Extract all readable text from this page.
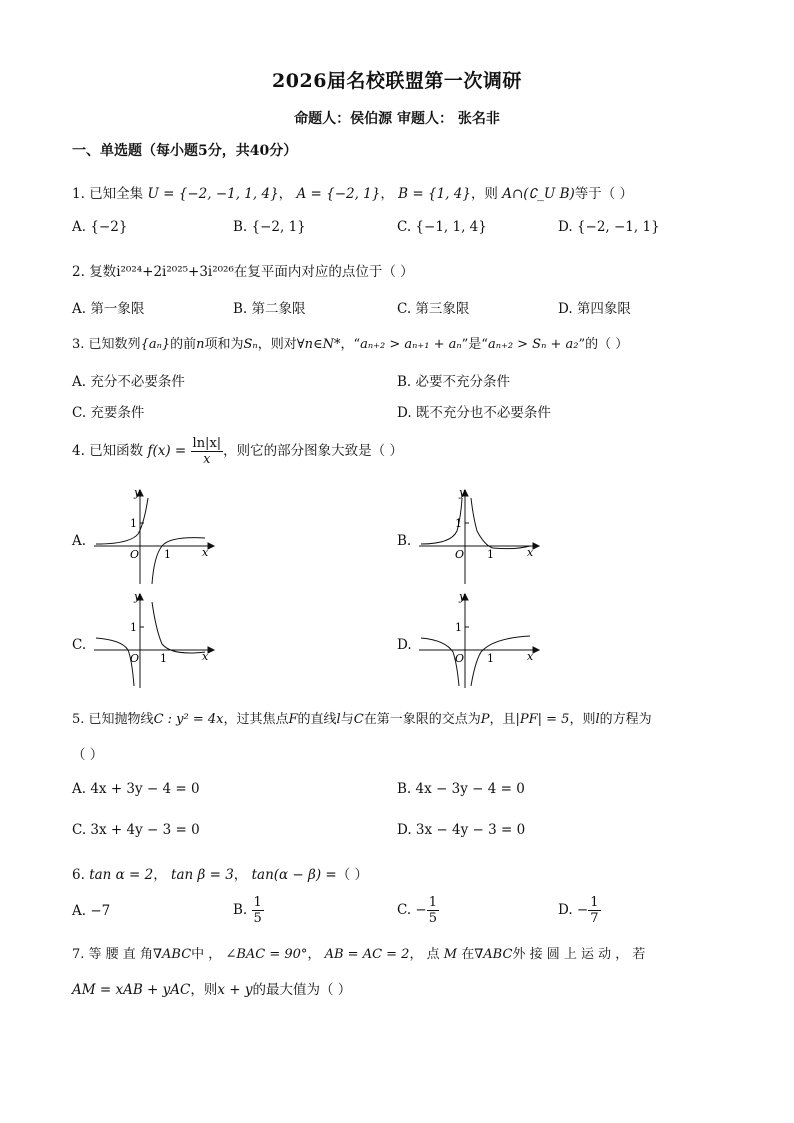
2026届名校联盟第一次调研
命题人：侯伯源 审题人： 张名非
一、单选题（每小题5分，共40分）
1. 已知全集 U = {−2, −1, 1, 4}， A = {−2, 1}， B = {1, 4}，则 A∩(∁_U B)等于（ ）
A. {−2}	B. {−2, 1}	C. {−1, 1, 4}	D. {−2, −1, 1}
2. 复数i²⁰²⁴+2i²⁰²⁵+3i²⁰²⁶在复平面内对应的点位于（ ）
A. 第一象限	B. 第二象限	C. 第三象限	D. 第四象限
3. 已知数列{aₙ}的前n项和为Sₙ，则对∀n∈N*，“aₙ₊₂ > aₙ₊₁ + aₙ”是“aₙ₊₂ > Sₙ + a₂”的（ ）
A. 充分不必要条件	B. 必要不充分条件
C. 充要条件	D. 既不充分也不必要条件
4. 已知函数 $f(x) = \frac{\ln|x|}{x}$ ，则它的部分图象大致是（ ）
A.	B.
C.	D.
y
x
O
1
1
y
x
O
1
1
y
x
O
1
1
y
x
O
1
1
5. 已知抛物线C : y² = 4x，过其焦点F的直线l与C在第一象限的交点为P，且|PF| = 5，则l的方程为
（ ）
A. 4x + 3y − 4 = 0	B. 4x − 3y − 4 = 0
C. 3x + 4y − 3 = 0	D. 3x − 4y − 3 = 0
6. tan α = 2， tan β = 3， tan(α − β) =（ ）
A. −7	B. $\frac{1}{5}$	C. − $\frac{1}{5}$	D. − $\frac{1}{7}$
7. 等 腰 直 角∇ABC中 ， ∠BAC = 90°， AB = AC = 2， 点 M 在∇ABC外 接 圆 上 运 动 ， 若
AM = xAB + yAC，则x + y的最大值为（ ）
